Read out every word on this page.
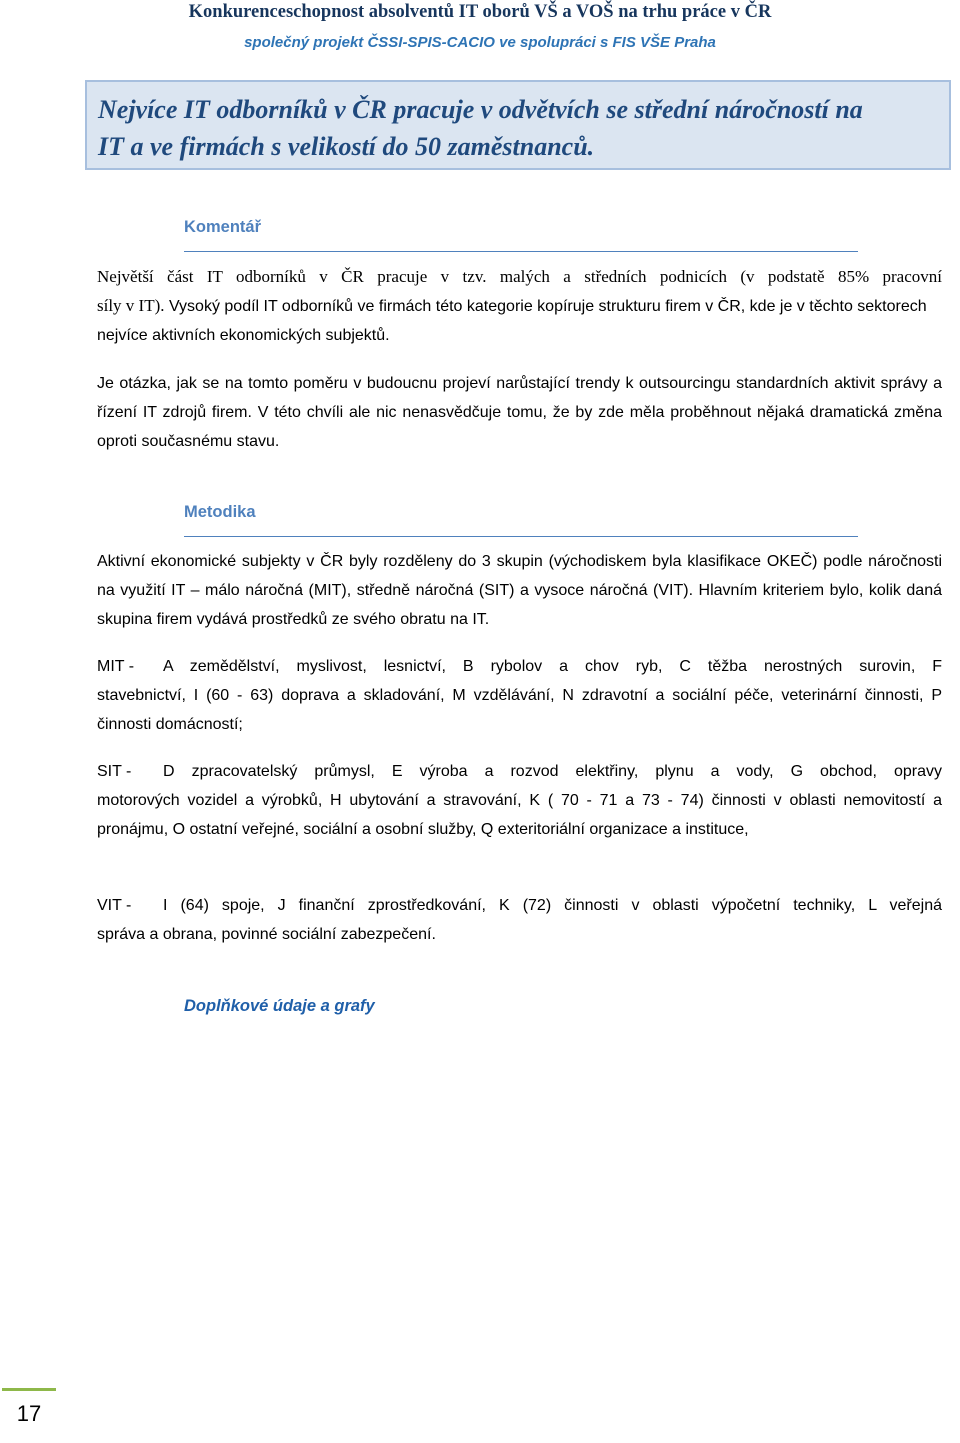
Konkurenceschopnost absolventů IT oborů VŠ a VOŠ na trhu práce v ČR
společný projekt ČSSI-SPIS-CACIO ve spolupráci s FIS VŠE Praha
Nejvíce IT odborníků v ČR pracuje v odvětvích se střední náročností na
IT a ve firmách s velikostí do 50 zaměstnanců.
Komentář
Největší část IT odborníků v ČR pracuje v tzv. malých a středních podnicích (v podstatě 85% pracovní
síly v IT). Vysoký podíl IT odborníků ve firmách této kategorie kopíruje strukturu firem v ČR, kde je v těchto sektorech nejvíce aktivních ekonomických subjektů.
Je otázka, jak se na tomto poměru v budoucnu projeví narůstající trendy k outsourcingu standardních aktivit správy a řízení IT zdrojů firem. V této chvíli ale nic nenasvědčuje tomu, že by zde měla proběhnout nějaká dramatická změna oproti současnému stavu.
Metodika
Aktivní ekonomické subjekty v ČR byly rozděleny do 3 skupin (východiskem byla klasifikace OKEČ) podle náročnosti na využití IT – málo náročná (MIT), středně náročná (SIT) a vysoce náročná (VIT). Hlavním kriteriem bylo, kolik daná skupina firem vydává prostředků ze svého obratu na IT.
MIT -	A zemědělství, myslivost, lesnictví, B rybolov a chov ryb, C těžba nerostných surovin, F
stavebnictví, I (60 - 63) doprava a skladování, M vzdělávání, N zdravotní a sociální péče, veterinární činnosti, P činnosti domácností;
SIT -	D zpracovatelský průmysl, E výroba a rozvod elektřiny, plynu a vody, G obchod, opravy
motorových vozidel a výrobků, H ubytování a stravování, K ( 70 - 71 a 73 - 74) činnosti v oblasti nemovitostí a pronájmu, O ostatní veřejné, sociální a osobní služby, Q exteritoriální organizace a instituce,
VIT -	I (64) spoje, J finanční zprostředkování, K (72) činnosti v oblasti výpočetní techniky, L veřejná
správa a obrana, povinné sociální zabezpečení.
Doplňkové údaje a grafy
17
